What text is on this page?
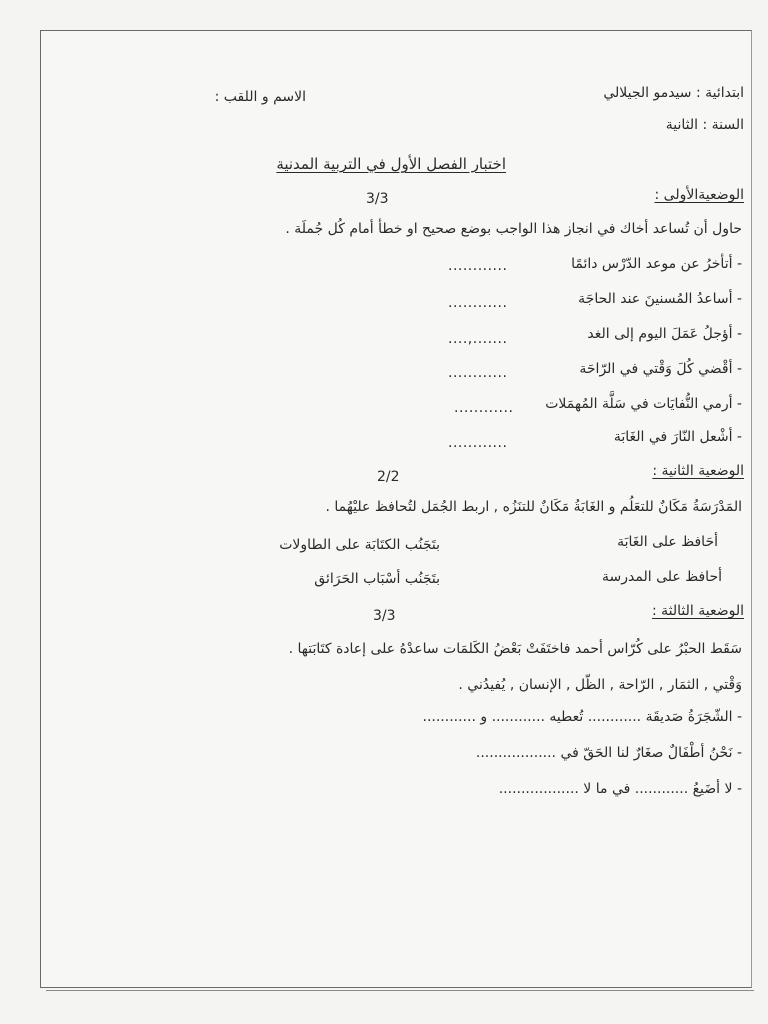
ابتدائية : سيدمو الجيلالي
الاسم و اللقب :
السنة : الثانية
اختبار الفصل الأول في التربية المدنية
الوضعيةالأولى :
3/3
حاول أن تُساعد أخاك في انجاز هذا الواجب بوضع صحيح او خطأ أمام كُل جُملَة .
- أتأخرُ عن موعد الدّرْس دائمًا
............
- أساعدُ المُسنينَ عند الحاجَة
............
- أؤجلُ عَمَلَ اليوم إلى الغد
....,.......
- أقْضي كُلَ وَقْتي في الرّاحَة
............
- أرمي النُّفايَات في سَلَّة المُهمَلات
............
- أشْعل النّارَ في الغَابَة
............
الوضعية الثانية :
2/2
المَدْرَسَةُ مَكَانٌ للتعَلُم و الغَابَةُ مَكَانٌ للتنَزُه , اربط الجُمَل لتُحافظ عليْهُما .
أحَافظ على الغَابَة
بتَجَنُب الكتَابَة على الطاولات
أحافظ على المدرسة
بتَجَنُب أسْبَاب الحَرَائق
الوضعية الثالثة :
3/3
سَقَط الحبْرُ على كُرّاس أحمد فاختَفَتْ بَعْضُ الكَلمَات ساعدْهُ على إعادة كتَابَتها .
وَقْتي , الثمَار , الرّاحة , الظّل , الإنسان , يُفيدُني .
- الشّجَرَةُ صَديقَة ............ تُعطيه ............ و ............
- نَحْنُ أطْفَالٌ صغَارٌ لنا الحَقّ في ..................
- لا أضَيعُ ............ في ما لا ..................
